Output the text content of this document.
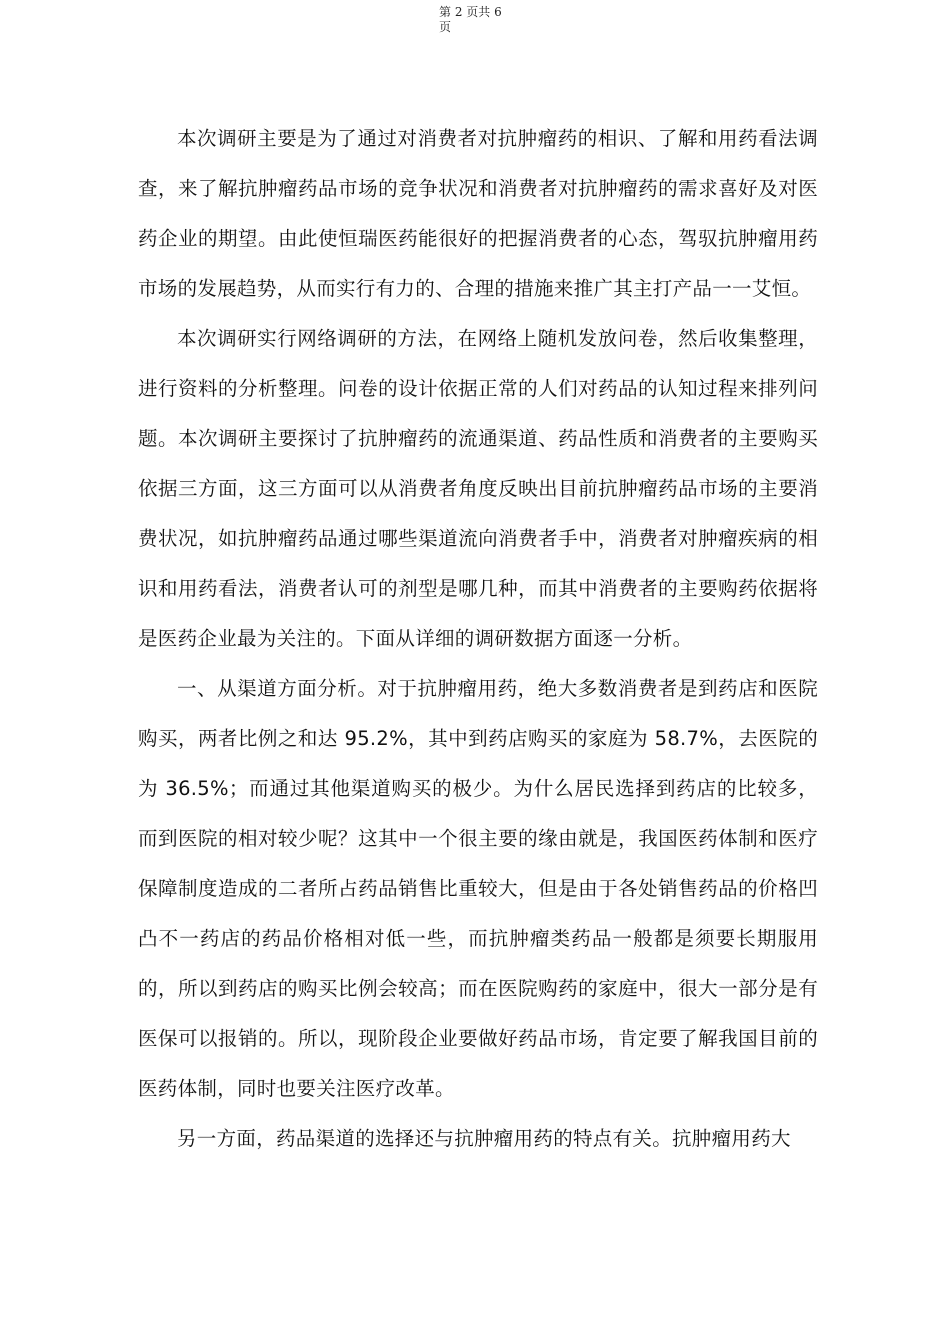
第 2 页共 6
页

本次调研主要是为了通过对消费者对抗肿瘤药的相识、了解和用药看法调查，来了解抗肿瘤药品市场的竞争状况和消费者对抗肿瘤药的需求喜好及对医药企业的期望。由此使恒瑞医药能很好的把握消费者的心态，驾驭抗肿瘤用药市场的发展趋势，从而实行有力的、合理的措施来推广其主打产品一一艾恒。

本次调研实行网络调研的方法，在网络上随机发放问卷，然后收集整理，进行资料的分析整理。问卷的设计依据正常的人们对药品的认知过程来排列问题。本次调研主要探讨了抗肿瘤药的流通渠道、药品性质和消费者的主要购买依据三方面，这三方面可以从消费者角度反映出目前抗肿瘤药品市场的主要消费状况，如抗肿瘤药品通过哪些渠道流向消费者手中，消费者对肿瘤疾病的相识和用药看法，消费者认可的剂型是哪几种，而其中消费者的主要购药依据将是医药企业最为关注的。下面从详细的调研数据方面逐一分析。

一、从渠道方面分析。对于抗肿瘤用药，绝大多数消费者是到药店和医院购买，两者比例之和达 95.2%，其中到药店购买的家庭为 58.7%，去医院的为 36.5%；而通过其他渠道购买的极少。为什么居民选择到药店的比较多，而到医院的相对较少呢？这其中一个很主要的缘由就是，我国医药体制和医疗保障制度造成的二者所占药品销售比重较大，但是由于各处销售药品的价格凹凸不一药店的药品价格相对低一些，而抗肿瘤类药品一般都是须要长期服用的，所以到药店的购买比例会较高；而在医院购药的家庭中，很大一部分是有医保可以报销的。所以，现阶段企业要做好药品市场，肯定要了解我国目前的医药体制，同时也要关注医疗改革。

另一方面，药品渠道的选择还与抗肿瘤用药的特点有关。抗肿瘤用药大
